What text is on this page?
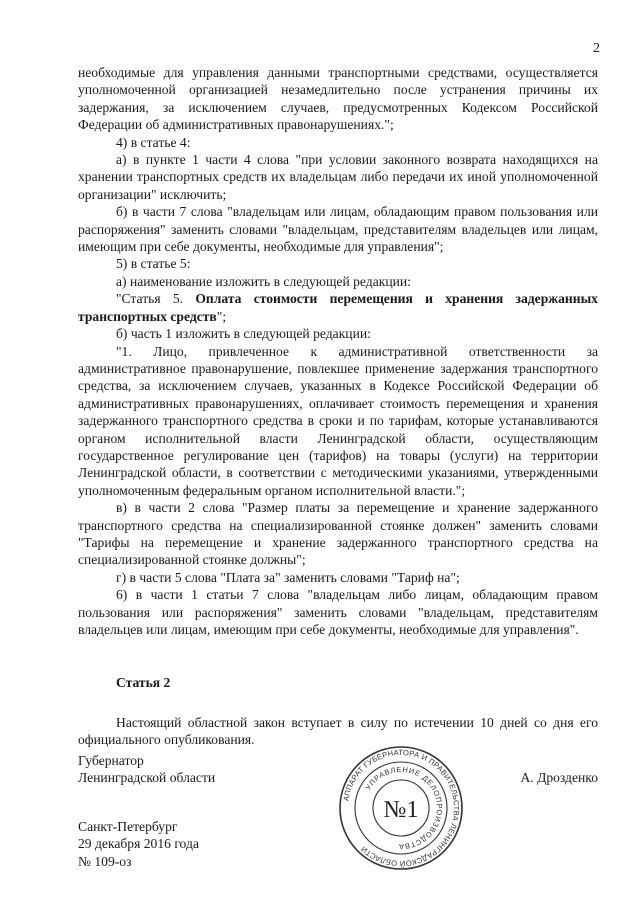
2

необходимые для управления данными транспортными средствами, осуществляется уполномоченной организацией незамедлительно после устранения причины их задержания, за исключением случаев, предусмотренных Кодексом Российской Федерации об административных правонарушениях.";

4) в статье 4:

а) в пункте 1 части 4 слова "при условии законного возврата находящихся на хранении транспортных средств их владельцам либо передачи их иной уполномоченной организации" исключить;

б) в части 7 слова "владельцам или лицам, обладающим правом пользования или распоряжения" заменить словами "владельцам, представителям владельцев или лицам, имеющим при себе документы, необходимые для управления";

5) в статье 5:

а) наименование изложить в следующей редакции:

"Статья 5. Оплата стоимости перемещения и хранения задержанных транспортных средств";

б) часть 1 изложить в следующей редакции:

"1. Лицо, привлеченное к административной ответственности за административное правонарушение, повлекшее применение задержания транспортного средства, за исключением случаев, указанных в Кодексе Российской Федерации об административных правонарушениях, оплачивает стоимость перемещения и хранения задержанного транспортного средства в сроки и по тарифам, которые устанавливаются органом исполнительной власти Ленинградской области, осуществляющим государственное регулирование цен (тарифов) на товары (услуги) на территории Ленинградской области, в соответствии с методическими указаниями, утвержденными уполномоченным федеральным органом исполнительной власти.";

в) в части 2 слова "Размер платы за перемещение и хранение задержанного транспортного средства на специализированной стоянке должен" заменить словами "Тарифы на перемещение и хранение задержанного транспортного средства на специализированной стоянке должны";

г) в части 5 слова "Плата за" заменить словами "Тариф на";

6) в части 1 статьи 7 слова "владельцам либо лицам, обладающим правом пользования или распоряжения" заменить словами "владельцам, представителям владельцев или лицам, имеющим при себе документы, необходимые для управления".

Статья 2

Настоящий областной закон вступает в силу по истечении 10 дней со дня его официального опубликования.

Губернатор

Ленинградской области	А. Дрозденко
АППАРАТ ГУБЕРНАТОРА И ПРАВИТЕЛЬСТВА ЛЕНИНГРАДСКОЙ ОБЛАСТИ
УПРАВЛЕНИЕ ДЕЛОПРОИЗВОДСТВА
№1

Санкт-Петербург

29 декабря 2016 года

№ 109-оз
